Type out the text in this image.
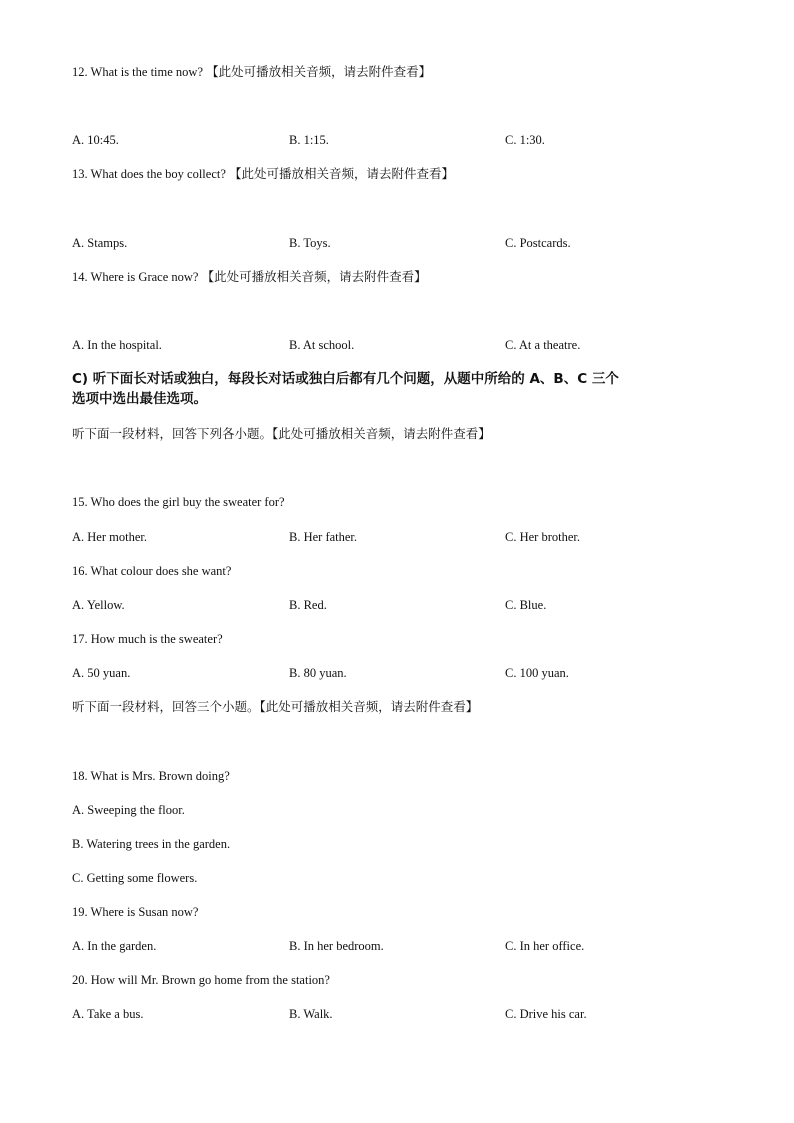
12. What is the time now? 【此处可播放相关音频，请去附件查看】
A. 10:45.	B. 1:15.	C. 1:30.
13. What does the boy collect? 【此处可播放相关音频，请去附件查看】
A. Stamps.	B. Toys.	C. Postcards.
14. Where is Grace now? 【此处可播放相关音频，请去附件查看】
A. In the hospital.	B. At school.	C. At a theatre.
C) 听下面长对话或独白，每段长对话或独白后都有几个问题，从题中所给的 A、B、C 三个
选项中选出最佳选项。
听下面一段材料，回答下列各小题。【此处可播放相关音频，请去附件查看】
15. Who does the girl buy the sweater for?
A. Her mother.	B. Her father.	C. Her brother.
16. What colour does she want?
A. Yellow.	B. Red.	C. Blue.
17. How much is the sweater?
A. 50 yuan.	B. 80 yuan.	C. 100 yuan.
听下面一段材料，回答三个小题。【此处可播放相关音频，请去附件查看】
18. What is Mrs. Brown doing?
A. Sweeping the floor.
B. Watering trees in the garden.
C. Getting some flowers.
19. Where is Susan now?
A. In the garden.	B. In her bedroom.	C. In her office.
20. How will Mr. Brown go home from the station?
A. Take a bus.	B. Walk.	C. Drive his car.
